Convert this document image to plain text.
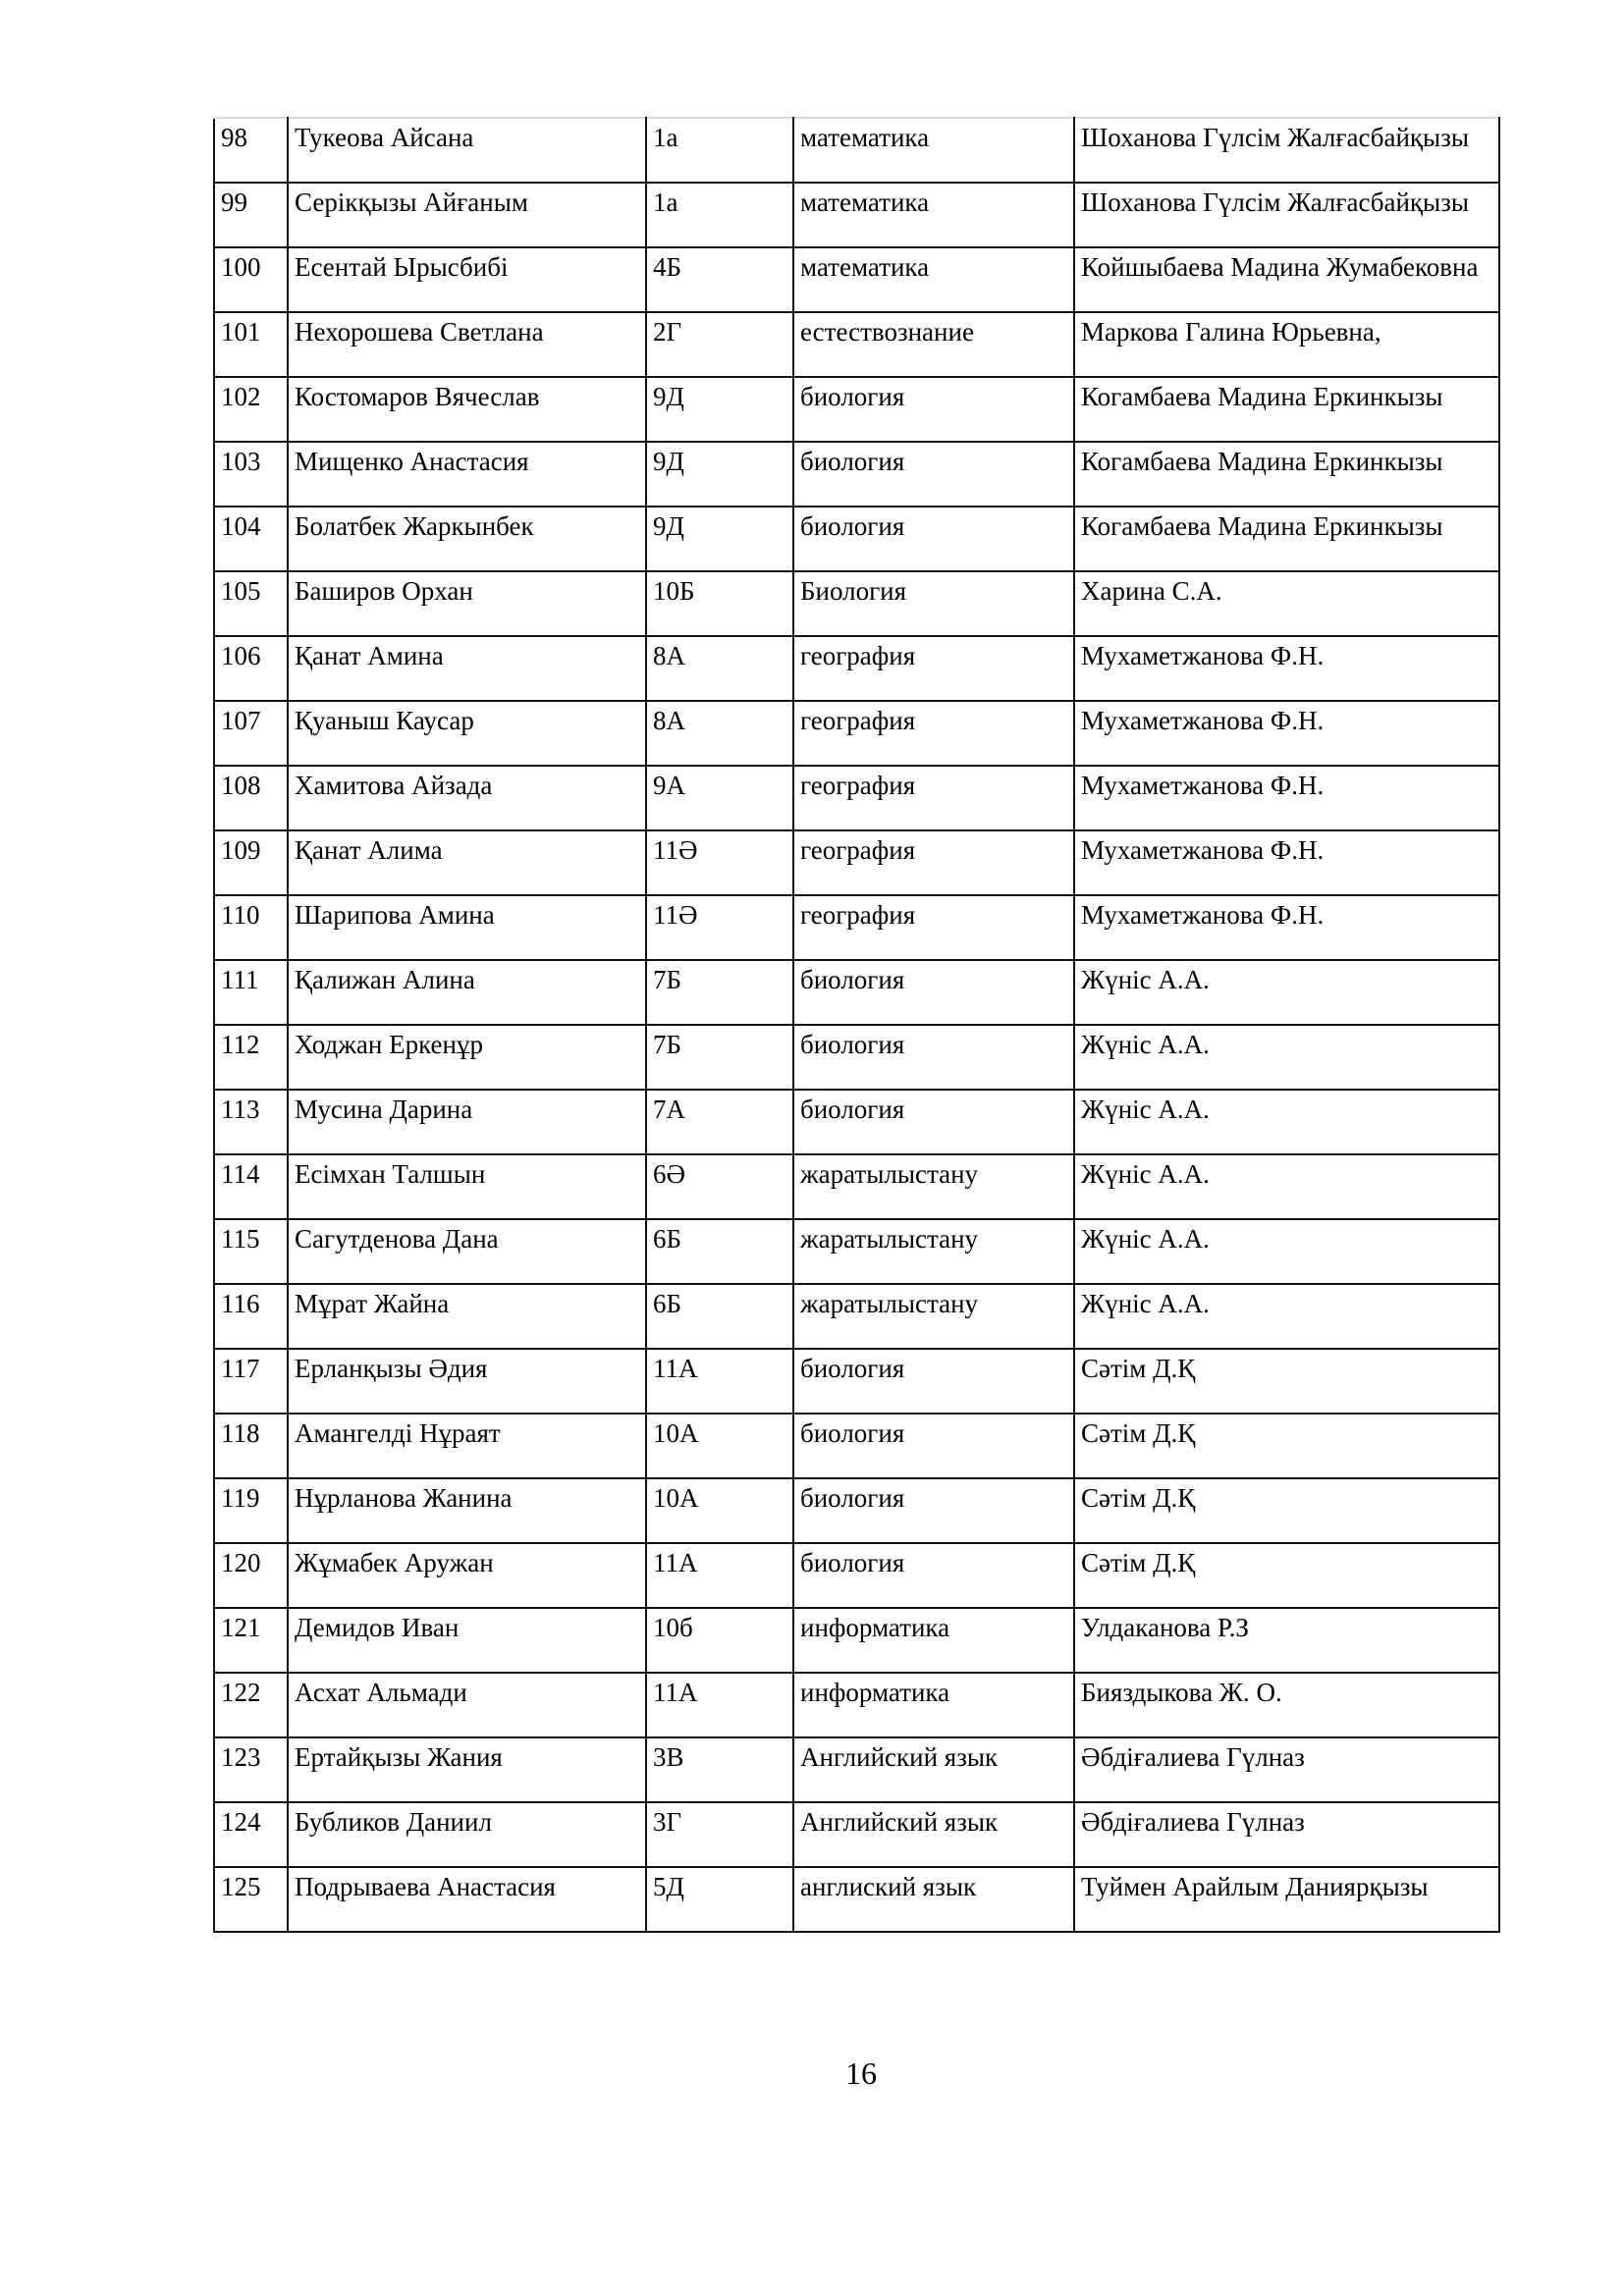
98	Тукеова Айсана	1а	математика	Шоханова Гүлсім Жалғасбайқызы

99	Серікқызы Айғаным	1а	математика	Шоханова Гүлсім Жалғасбайқызы

100	Есентай Ырысбибі	4Б	математика	Койшыбаева Мадина Жумабековна

101	Нехорошева Светлана	2Г	естествознание	Маркова Галина Юрьевна,

102	Костомаров Вячеслав	9Д	биология	Когамбаева Мадина Еркинкызы

103	Мищенко Анастасия	9Д	биология	Когамбаева Мадина Еркинкызы

104	Болатбек Жаркынбек	9Д	биология	Когамбаева Мадина Еркинкызы

105	Баширов Орхан	10Б	Биология	Харина С.А.

106	Қанат Амина	8А	география	Мухаметжанова Ф.Н.

107	Қуаныш Каусар	8А	география	Мухаметжанова Ф.Н.

108	Хамитова Айзада	9А	география	Мухаметжанова Ф.Н.

109	Қанат Алима	11Ә	география	Мухаметжанова Ф.Н.

110	Шарипова Амина	11Ә	география	Мухаметжанова Ф.Н.

111	Қалижан Алина	7Б	биология	Жүніс А.А.

112	Ходжан Еркенұр	7Б	биология	Жүніс А.А.

113	Мусина Дарина	7А	биология	Жүніс А.А.

114	Есімхан Талшын	6Ә	жаратылыстану	Жүніс А.А.

115	Сагутденова Дана	6Б	жаратылыстану	Жүніс А.А.

116	Мұрат Жайна	6Б	жаратылыстану	Жүніс А.А.

117	Ерланқызы Әдия	11А	биология	Сәтім Д.Қ

118	Амангелді Нұраят	10А	биология	Сәтім Д.Қ

119	Нұрланова Жанина	10А	биология	Сәтім Д.Қ

120	Жұмабек Аружан	11А	биология	Сәтім Д.Қ

121	Демидов Иван	10б	информатика	Улдаканова Р.З

122	Асхат Альмади	11А	информатика	Бияздыкова Ж. О.

123	Ертайқызы Жания	3В	Английский язык	Әбдіғалиева Гүлназ

124	Бубликов Даниил	3Г	Английский язык	Әбдіғалиева Гүлназ

125	Подрываева Анастасия	5Д	англиский язык	Туймен Арайлым Даниярқызы
16
